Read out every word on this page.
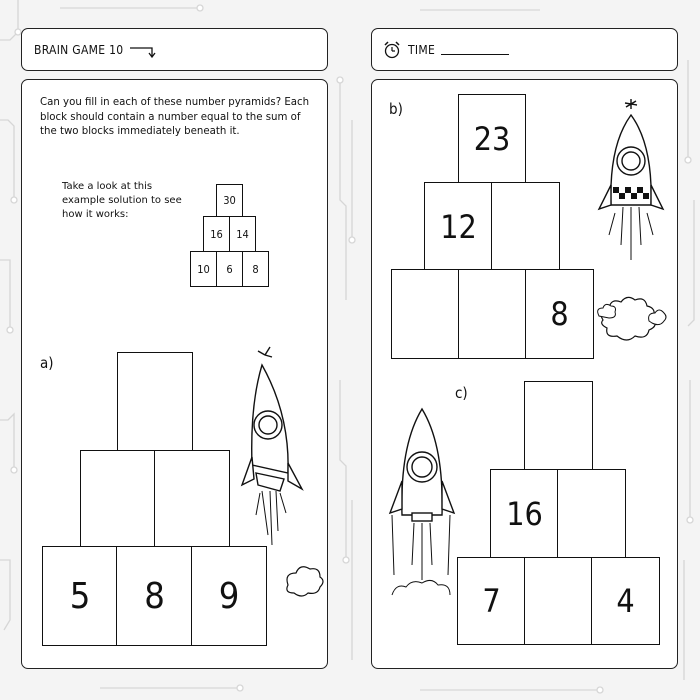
BRAIN GAME 10
Can you fill in each of these number pyramids? Each block should contain a number equal to the sum of the two blocks immediately beneath it.
Take a look at this example solution to see how it works:
30
16	14
10	6	8
a)
5	8	9
TIME
b)
23
12
8
c)
16
7	4
